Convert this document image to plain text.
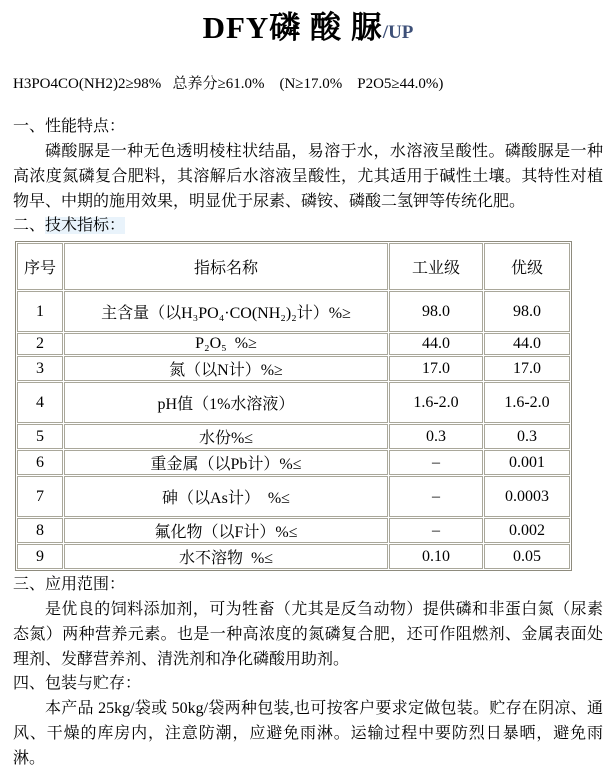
DFY磷 酸 脲/UP
H3PO4CO(NH2)2≥98%   总养分≥61.0%    (N≥17.0%    P2O5≥44.0%)

一、性能特点：

磷酸脲是一种无色透明棱柱状结晶，易溶于水，水溶液呈酸性。磷酸脲是一种高浓度氮磷复合肥料，其溶解后水溶液呈酸性，尤其适用于碱性土壤。其特性对植物早、中期的施用效果，明显优于尿素、磷铵、磷酸二氢钾等传统化肥。

二、技术指标：

序号	指标名称	工业级	优级
1	主含量（以H₃PO₄·CO(NH₂)₂计）%≥	98.0	98.0
2	P₂O₅  %≥	44.0	44.0
3	氮（以N计）%≥	17.0	17.0
4	pH值（1%水溶液）	1.6-2.0	1.6-2.0
5	水份%≤	0.3	0.3
6	重金属（以Pb计）%≤	–	0.001
7	砷（以As计）  %≤	–	0.0003
8	氟化物（以F计）%≤	–	0.002
9	水不溶物  %≤	0.10	0.05

三、应用范围：

是优良的饲料添加剂，可为牲畜（尤其是反刍动物）提供磷和非蛋白氮（尿素态氮）两种营养元素。也是一种高浓度的氮磷复合肥，还可作阻燃剂、金属表面处理剂、发酵营养剂、清洗剂和净化磷酸用助剂。

四、包装与贮存：

本产品 25kg/袋或 50kg/袋两种包装,也可按客户要求定做包装。贮存在阴凉、通风、干燥的库房内，注意防潮，应避免雨淋。运输过程中要防烈日暴晒，避免雨淋。
